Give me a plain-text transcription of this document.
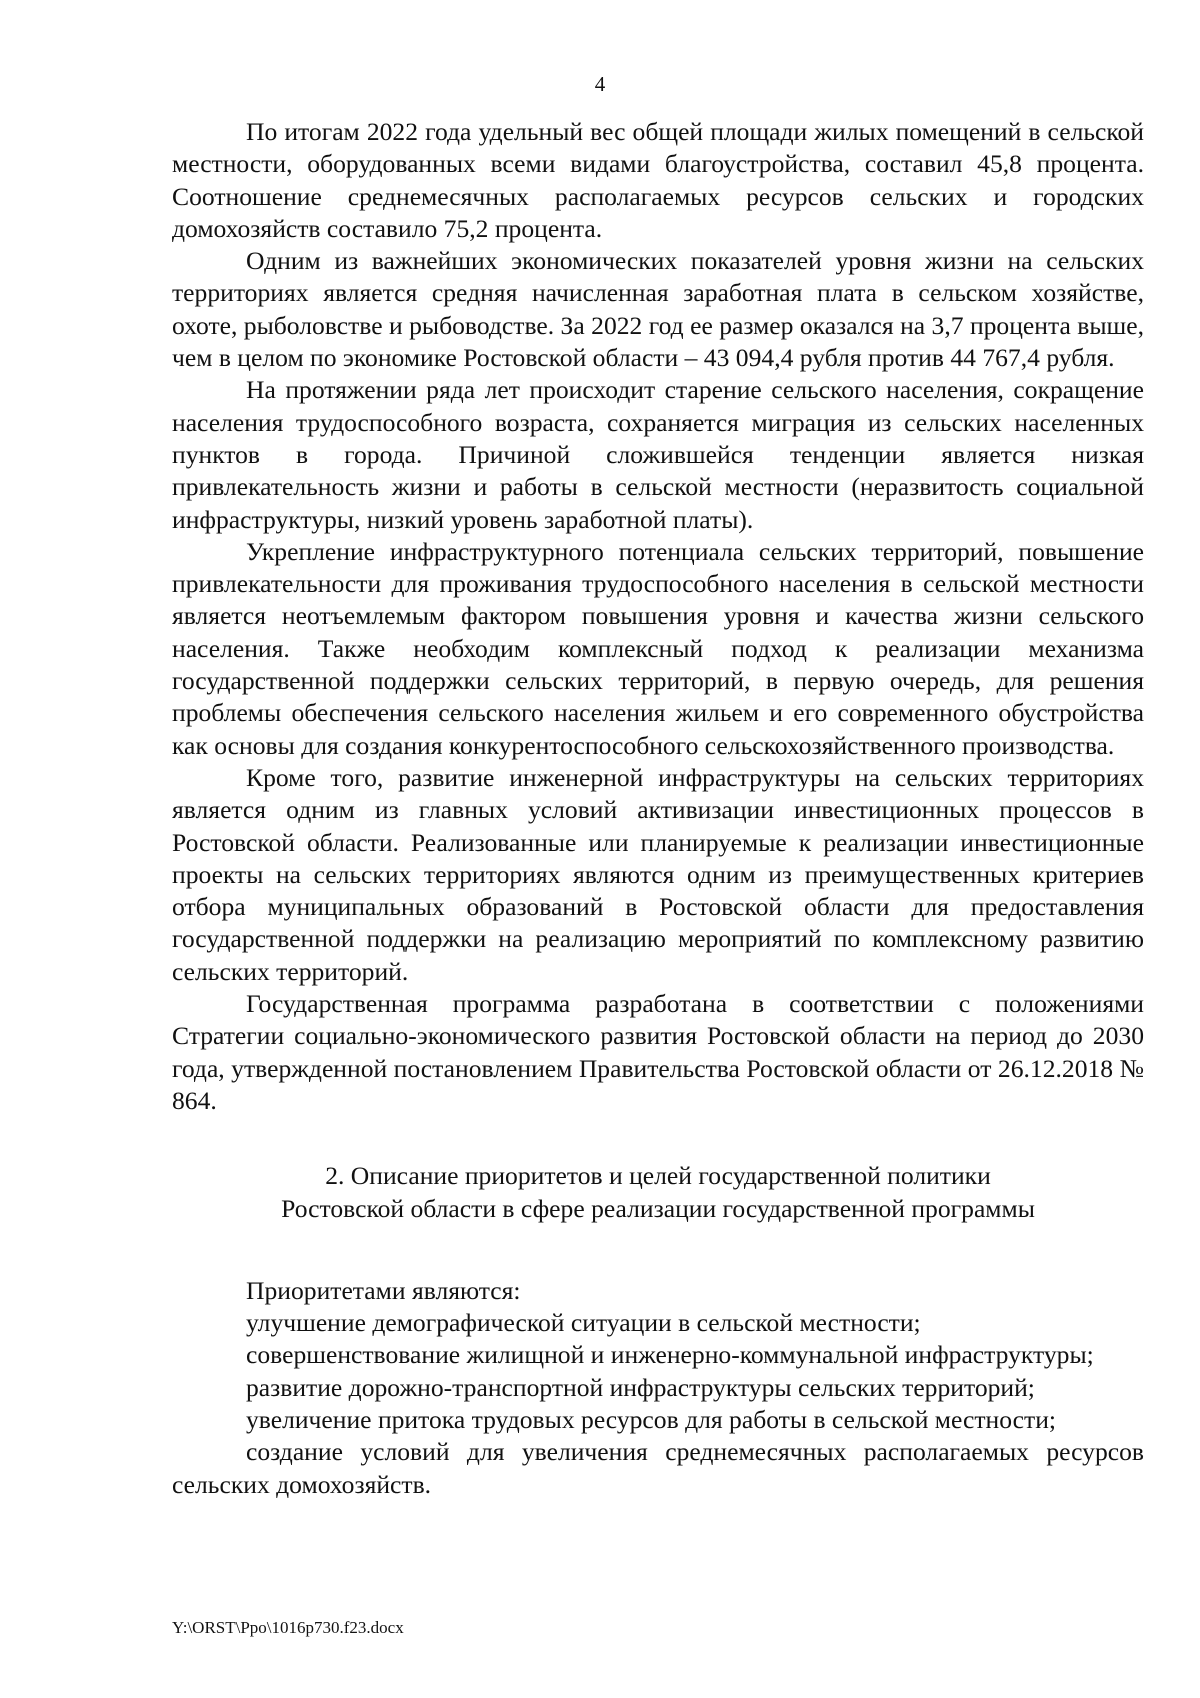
4

По итогам 2022 года удельный вес общей площади жилых помещений в сельской местности, оборудованных всеми видами благоустройства, составил 45,8 процента. Соотношение среднемесячных располагаемых ресурсов сельских и городских домохозяйств составило 75,2 процента.

Одним из важнейших экономических показателей уровня жизни на сельских территориях является средняя начисленная заработная плата в сельском хозяйстве, охоте, рыболовстве и рыбоводстве. За 2022 год ее размер оказался на 3,7 процента выше, чем в целом по экономике Ростовской области – 43 094,4 рубля против 44 767,4 рубля.

На протяжении ряда лет происходит старение сельского населения, сокращение населения трудоспособного возраста, сохраняется миграция из сельских населенных пунктов в города. Причиной сложившейся тенденции является низкая привлекательность жизни и работы в сельской местности (неразвитость социальной инфраструктуры, низкий уровень заработной платы).

Укрепление инфраструктурного потенциала сельских территорий, повышение привлекательности для проживания трудоспособного населения в сельской местности является неотъемлемым фактором повышения уровня и качества жизни сельского населения. Также необходим комплексный подход к реализации механизма государственной поддержки сельских территорий, в первую очередь, для решения проблемы обеспечения сельского населения жильем и его современного обустройства как основы для создания конкурентоспособного сельскохозяйственного производства.

Кроме того, развитие инженерной инфраструктуры на сельских территориях является одним из главных условий активизации инвестиционных процессов в Ростовской области. Реализованные или планируемые к реализации инвестиционные проекты на сельских территориях являются одним из преимущественных критериев отбора муниципальных образований в Ростовской области для предоставления государственной поддержки на реализацию мероприятий по комплексному развитию сельских территорий.

Государственная программа разработана в соответствии с положениями Стратегии социально-экономического развития Ростовской области на период до 2030 года, утвержденной постановлением Правительства Ростовской области от 26.12.2018 № 864.

2. Описание приоритетов и целей государственной политики
Ростовской области в сфере реализации государственной программы

Приоритетами являются:

улучшение демографической ситуации в сельской местности;

совершенствование жилищной и инженерно-коммунальной инфраструктуры;

развитие дорожно-транспортной инфраструктуры сельских территорий;

увеличение притока трудовых ресурсов для работы в сельской местности;

создание условий для увеличения среднемесячных располагаемых ресурсов сельских домохозяйств.

Y:\ORST\Ppo\1016p730.f23.docx
